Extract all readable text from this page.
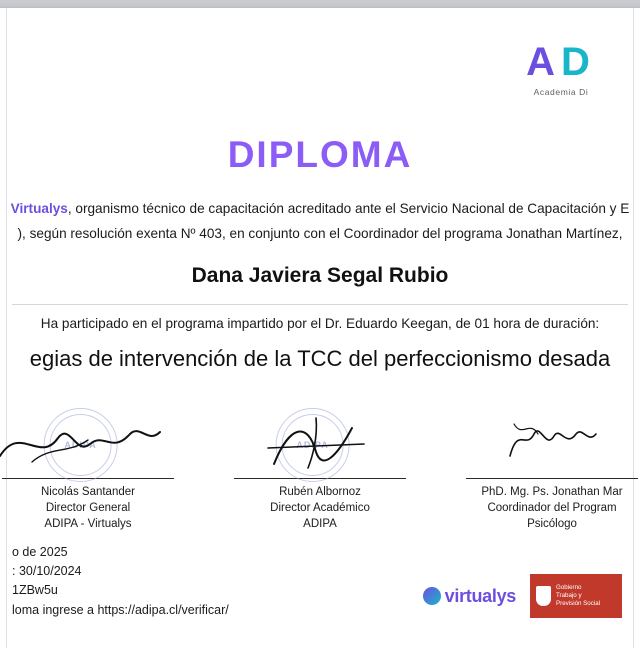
AD
Academia Di
DIPLOMA
Virtualys, organismo técnico de capacitación acreditado ante el Servicio Nacional de Capacitación y E
), según resolución exenta Nº 403, en conjunto con el Coordinador del programa Jonathan Martínez,
Dana Javiera Segal Rubio
Ha participado en el programa impartido por el Dr. Eduardo Keegan, de 01 hora de duración:
egias de intervención de la TCC del perfeccionismo desada
ADIPA
Nicolás Santander
Director General
ADIPA - Virtualys
ADIPA
Rubén Albornoz
Director Académico
ADIPA
PhD. Mg. Ps. Jonathan Mar
Coordinador del Program
Psicólogo
o de 2025
: 30/10/2024
1ZBw5u
loma ingrese a https://adipa.cl/verificar/
virtualys	Gobierno
Trabajo y
Previsión Social
